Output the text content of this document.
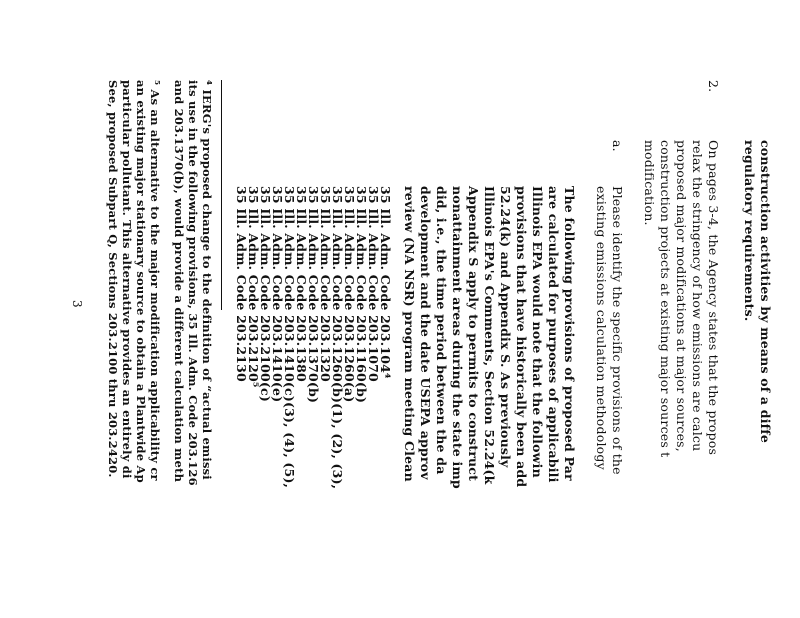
construction activities by means of a diffe
regulatory requirements.
2.
On pages 3-4, the Agency states that the propos
relax the stringency of how emissions are calcu
proposed major modifications at major sources,
construction projects at existing major sources t
modification.
a.
Please identify the specific provisions of the
existing emissions calculation methodology
The following provisions of proposed Par
are calculated for purposes of applicabili
Illinois EPA would note that the followin
provisions that have historically been add
52.24(k) and Appendix S. As previously
Illinois EPA's Comments, Section 52.24(k
Appendix S apply to permits to construct
nonattainment areas during the state imp
did, i.e., the time period between the da
development and the date USEPA approv
review (NA NSR) program meeting Clean
35 Ill. Adm. Code 203.104⁴
35 Ill. Adm. Code 203.1070
35 Ill. Adm. Code 203.1160(b)
35 Ill. Adm. Code 203.1260(a)
35 Ill. Adm. Code 203.1260(b)(1), (2), (3),
35 Ill. Adm. Code 203.1320
35 Ill. Adm. Code 203.1370(b)
35 Ill. Adm. Code 203.1380
35 Ill. Adm. Code 203.1410(c)(3), (4), (5),
35 Ill. Adm. Code 203.1410(e)
35 Ill. Adm. Code 203.2100(c)
35 Ill. Adm. Code 203.2120⁵
35 Ill. Adm. Code 203.2130
⁴ IERG's proposed change to the definition of “actual emissi
its use in the following provisions, 35 Ill. Adm. Code 203.126
and 203.1370(b), would provide a different calculation meth
⁵ As an alternative to the major modification applicability cr
an existing major stationary source to obtain a Plantwide Ap
particular pollutant. This alternative provides an entirely di
See, proposed Subpart Q, Sections 203.2100 thru 203.2420.
3
